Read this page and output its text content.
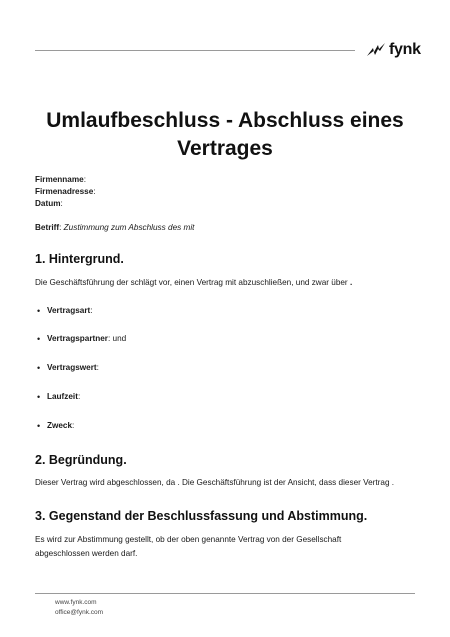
fynk
Umlaufbeschluss - Abschluss eines Vertrages
Firmenname:
Firmenadresse:
Datum:
Betriff: Zustimmung zum Abschluss des mit
1. Hintergrund.
Die Geschäftsführung der schlägt vor, einen Vertrag mit abzuschließen, und zwar über .
• Vertragsart:
• Vertragspartner: und
• Vertragswert:
• Laufzeit:
• Zweck:
2. Begründung.
Dieser Vertrag wird abgeschlossen, da . Die Geschäftsführung ist der Ansicht, dass dieser Vertrag .
3. Gegenstand der Beschlussfassung und Abstimmung.
Es wird zur Abstimmung gestellt, ob der oben genannte Vertrag von der Gesellschaft abgeschlossen werden darf.
www.fynk.com
office@fynk.com
